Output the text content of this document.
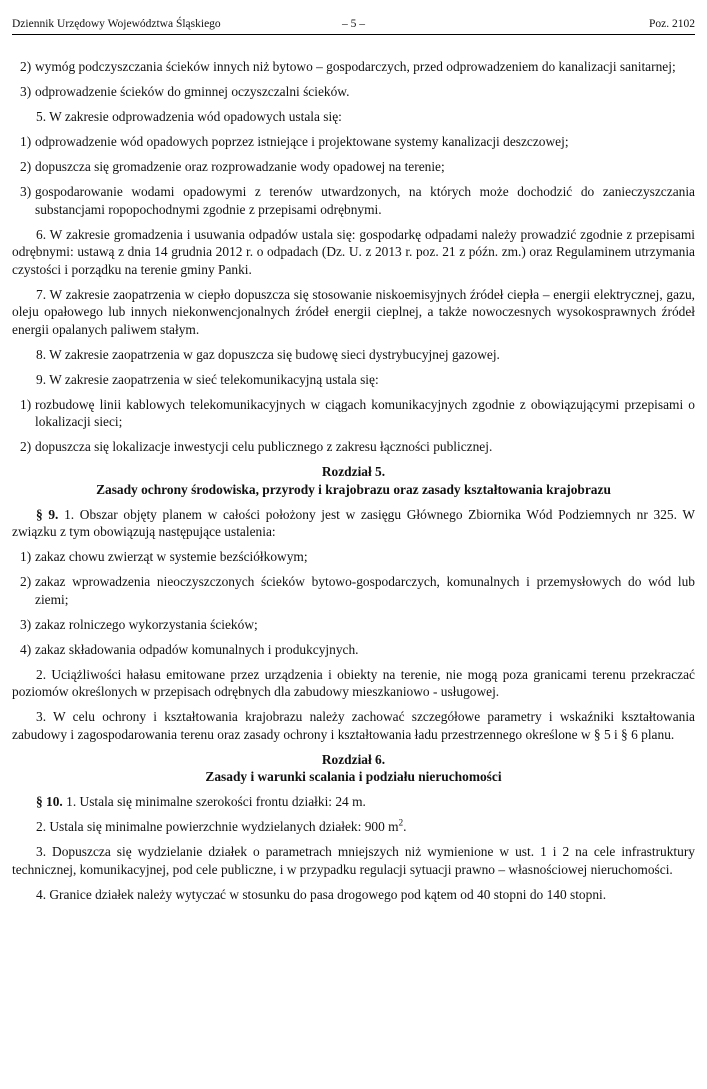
Dziennik Urzędowy Województwa Śląskiego	– 5 –	Poz. 2102

2) wymóg podczyszczania ścieków innych niż bytowo – gospodarczych, przed odprowadzeniem do kanalizacji sanitarnej;

3) odprowadzenie ścieków do gminnej oczyszczalni ścieków.

5. W zakresie odprowadzenia wód opadowych ustala się:

1) odprowadzenie wód opadowych poprzez istniejące i projektowane systemy kanalizacji deszczowej;

2) dopuszcza się gromadzenie oraz rozprowadzanie wody opadowej na terenie;

3) gospodarowanie wodami opadowymi z terenów utwardzonych, na których może dochodzić do zanieczyszczania substancjami ropopochodnymi zgodnie z przepisami odrębnymi.

6. W zakresie gromadzenia i usuwania odpadów ustala się: gospodarkę odpadami należy prowadzić zgodnie z przepisami odrębnymi: ustawą z dnia 14 grudnia 2012 r. o odpadach (Dz. U. z 2013 r. poz. 21 z późn. zm.) oraz Regulaminem utrzymania czystości i porządku na terenie gminy Panki.

7. W zakresie zaopatrzenia w ciepło dopuszcza się stosowanie niskoemisyjnych źródeł ciepła – energii elektrycznej, gazu, oleju opałowego lub innych niekonwencjonalnych źródeł energii cieplnej, a także nowoczesnych wysokosprawnych źródeł energii opalanych paliwem stałym.

8. W zakresie zaopatrzenia w gaz dopuszcza się budowę sieci dystrybucyjnej gazowej.

9. W zakresie zaopatrzenia w sieć telekomunikacyjną ustala się:

1) rozbudowę linii kablowych telekomunikacyjnych w ciągach komunikacyjnych zgodnie z obowiązującymi przepisami o lokalizacji sieci;

2) dopuszcza się lokalizacje inwestycji celu publicznego z zakresu łączności publicznej.

Rozdział 5.
Zasady ochrony środowiska, przyrody i krajobrazu oraz zasady kształtowania krajobrazu

§ 9. 1. Obszar objęty planem w całości położony jest w zasięgu Głównego Zbiornika Wód Podziemnych nr 325. W związku z tym obowiązują następujące ustalenia:

1) zakaz chowu zwierząt w systemie bezściółkowym;

2) zakaz wprowadzenia nieoczyszczonych ścieków bytowo-gospodarczych, komunalnych i przemysłowych do wód lub ziemi;

3) zakaz rolniczego wykorzystania ścieków;

4) zakaz składowania odpadów komunalnych i produkcyjnych.

2. Uciążliwości hałasu emitowane przez urządzenia i obiekty na terenie, nie mogą poza granicami terenu przekraczać poziomów określonych w przepisach odrębnych dla zabudowy mieszkaniowo - usługowej.

3. W celu ochrony i kształtowania krajobrazu należy zachować szczegółowe parametry i wskaźniki kształtowania zabudowy i zagospodarowania terenu oraz zasady ochrony i kształtowania ładu przestrzennego określone w § 5 i § 6 planu.

Rozdział 6.
Zasady i warunki scalania i podziału nieruchomości

§ 10. 1. Ustala się minimalne szerokości frontu działki: 24 m.

2. Ustala się minimalne powierzchnie wydzielanych działek: 900 $m^2$.

3. Dopuszcza się wydzielanie działek o parametrach mniejszych niż wymienione w ust. 1 i 2 na cele infrastruktury technicznej, komunikacyjnej, pod cele publiczne, i w przypadku regulacji sytuacji prawno – własnościowej nieruchomości.

4. Granice działek należy wytyczać w stosunku do pasa drogowego pod kątem od 40 stopni do 140 stopni.
